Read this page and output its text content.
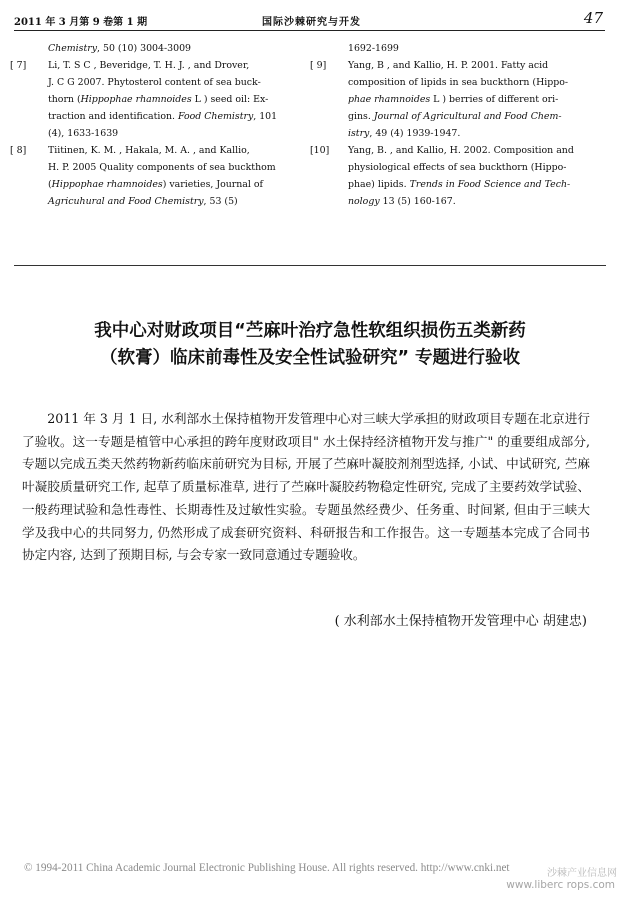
2011 年 3 月第 9 卷第 1 期	国际沙棘研究与开发	47
Chemistry, 50 (10) 3004-3009
[ 7] Li, T. S C , Beveridge, T. H. J. , and Drover,
J. C G 2007. Phytosterol content of sea buck-
thorn (Hippophae rhamnoides L ) seed oil: Ex-
traction and identification. Food Chemistry, 101
(4), 1633-1639
[ 8] Tiitinen, K. M. , Hakala, M. A. , and Kallio,
H. P. 2005 Quality components of sea buckthom
(Hippophae rhamnoides) varieties, Journal of
Agricuhural and Food Chemistry, 53 (5)
1692-1699
[ 9] Yang, B , and Kallio, H. P. 2001. Fatty acid
composition of lipids in sea buckthorn (Hippo-
phae rhamnoides L ) berries of different ori-
gins. Journal of Agricultural and Food Chem-
istry, 49 (4) 1939-1947.
[10] Yang, B. , and Kallio, H. 2002. Composition and
physiological effects of sea buckthorn (Hippo-
phae) lipids. Trends in Food Science and Tech-
nology 13 (5) 160-167.
我中心对财政项目“苎麻叶治疗急性软组织损伤五类新药
（软膏）临床前毒性及安全性试验研究” 专题进行验收
2011 年 3 月 1 日, 水利部水土保持植物开发管理中心对三峡大学承担的财政项目专题在北京进行了验收。这一专题是植管中心承担的跨年度财政项目" 水土保持经济植物开发与推广" 的重要组成部分, 专题以完成五类天然药物新药临床前研究为目标, 开展了苎麻叶凝胶剂剂型选择, 小试、中试研究, 苎麻叶凝胶质量研究工作, 起草了质量标准草, 进行了苎麻叶凝胶药物稳定性研究, 完成了主要药效学试验、一般药理试验和急性毒性、长期毒性及过敏性实验。专题虽然经费少、任务重、时间紧, 但由于三峡大学及我中心的共同努力, 仍然形成了成套研究资料、科研报告和工作报告。这一专题基本完成了合同书协定内容, 达到了预期目标, 与会专家一致同意通过专题验收。
( 水利部水土保持植物开发管理中心 胡建忠)
© 1994-2011 China Academic Journal Electronic Publishing House. All rights reserved. http://www.cnki.net	沙棘产业信息网
www.liberc rops.com
